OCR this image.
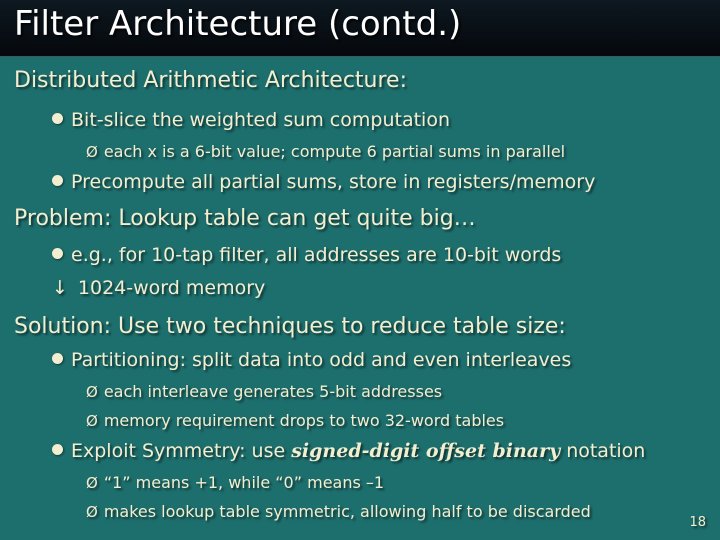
Filter Architecture (contd.)
Distributed Arithmetic Architecture:
Bit-slice the weighted sum computation
Ø each x is a 6-bit value; compute 6 partial sums in parallel
Precompute all partial sums, store in registers/memory
Problem: Lookup table can get quite big…
e.g., for 10-tap filter, all addresses are 10-bit words
↓ 1024-word memory
Solution: Use two techniques to reduce table size:
Partitioning: split data into odd and even interleaves
Ø each interleave generates 5-bit addresses
Ø memory requirement drops to two 32-word tables
Exploit Symmetry: use signed-digit offset binary notation
Ø “1” means +1, while “0” means –1
Ø makes lookup table symmetric, allowing half to be discarded
18
